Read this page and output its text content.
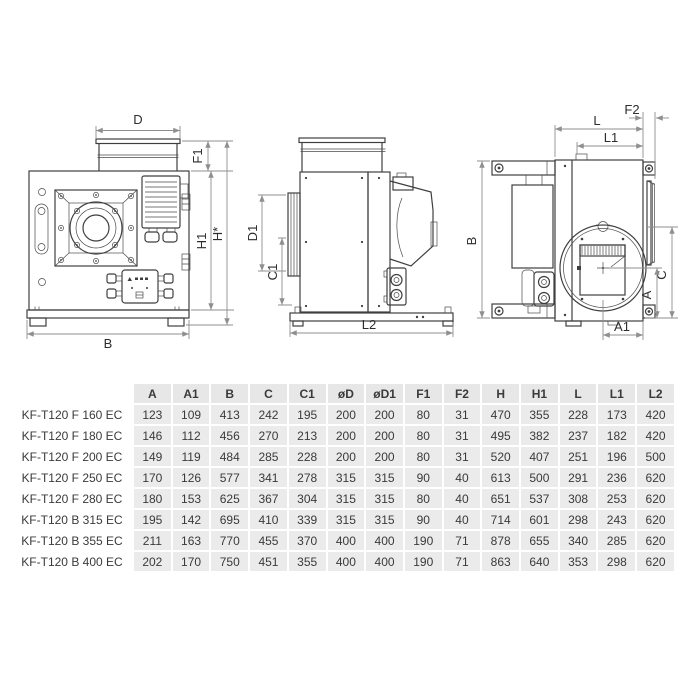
D
F1
H1 H*
B
D1
C1
L2
F2
L
L1
B
C
A
A1
	A	A1	B	C	C1	øD	øD1	F1	F2	H	H1	L	L1	L2
KF-T120 F 160 EC	123	109	413	242	195	200	200	80	31	470	355	228	173	420
KF-T120 F 180 EC	146	112	456	270	213	200	200	80	31	495	382	237	182	420
KF-T120 F 200 EC	149	119	484	285	228	200	200	80	31	520	407	251	196	500
KF-T120 F 250 EC	170	126	577	341	278	315	315	90	40	613	500	291	236	620
KF-T120 F 280 EC	180	153	625	367	304	315	315	80	40	651	537	308	253	620
KF-T120 B 315 EC	195	142	695	410	339	315	315	90	40	714	601	298	243	620
KF-T120 B 355 EC	211	163	770	455	370	400	400	190	71	878	655	340	285	620
KF-T120 B 400 EC	202	170	750	451	355	400	400	190	71	863	640	353	298	620
